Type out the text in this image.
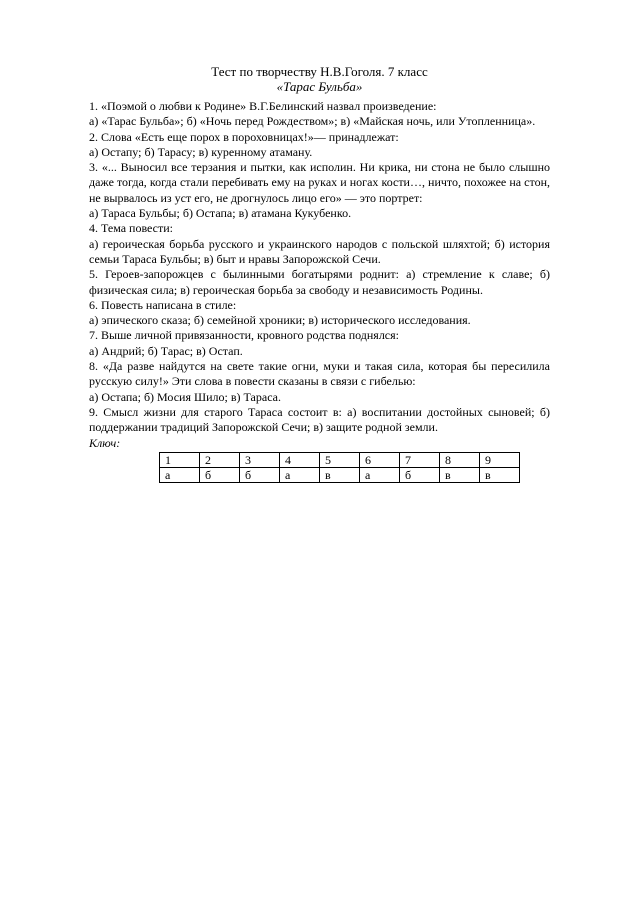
Тест по творчеству Н.В.Гоголя. 7 класс

«Тарас Бульба»

1. «Поэмой о любви к Родине» В.Г.Белинский назвал произведение:

а) «Тарас Бульба»; б) «Ночь перед Рождеством»; в) «Майская ночь, или Утопленница».

2. Слова «Есть еще порох в пороховницах!»— принадлежат:

а) Остапу; б) Тарасу; в) куренному атаману.

3. «... Выносил все терзания и пытки, как исполин. Ни крика, ни стона не было слышно даже тогда, когда стали перебивать ему на руках и ногах кости…, ничто, похожее на стон, не вырвалось из уст его, не дрогнулось лицо его» — это портрет:

а) Тараса Бульбы; б) Остапа; в) атамана Кукубенко.

4. Тема повести:

а) героическая борьба русского и украинского народов с польской шляхтой; б) история семьи Тараса Бульбы; в) быт и нравы Запорожской Сечи.

5. Героев-запорожцев с былинными богатырями роднит: а) стремление к славе; б) физическая сила; в) героическая борьба за свободу и независимость Родины.

6. Повесть написана в стиле:

а) эпического сказа; б) семейной хроники; в) исторического исследования.

7. Выше личной привязанности, кровного родства поднялся:

а) Андрий; б) Тарас; в) Остап.

8. «Да разве найдутся на свете такие огни, муки и такая сила, которая бы пересилила русскую силу!» Эти слова в повести сказаны в связи с гибелью:

а) Остапа; б) Мосия Шило; в) Тараса.

9. Смысл жизни для старого Тараса состоит в: а) воспитании достойных сыновей; б) поддержании традиций Запорожской Сечи; в) защите родной земли.

Ключ:

1	2	3	4	5	6	7	8	9
а	б	б	а	в	а	б	в	в
